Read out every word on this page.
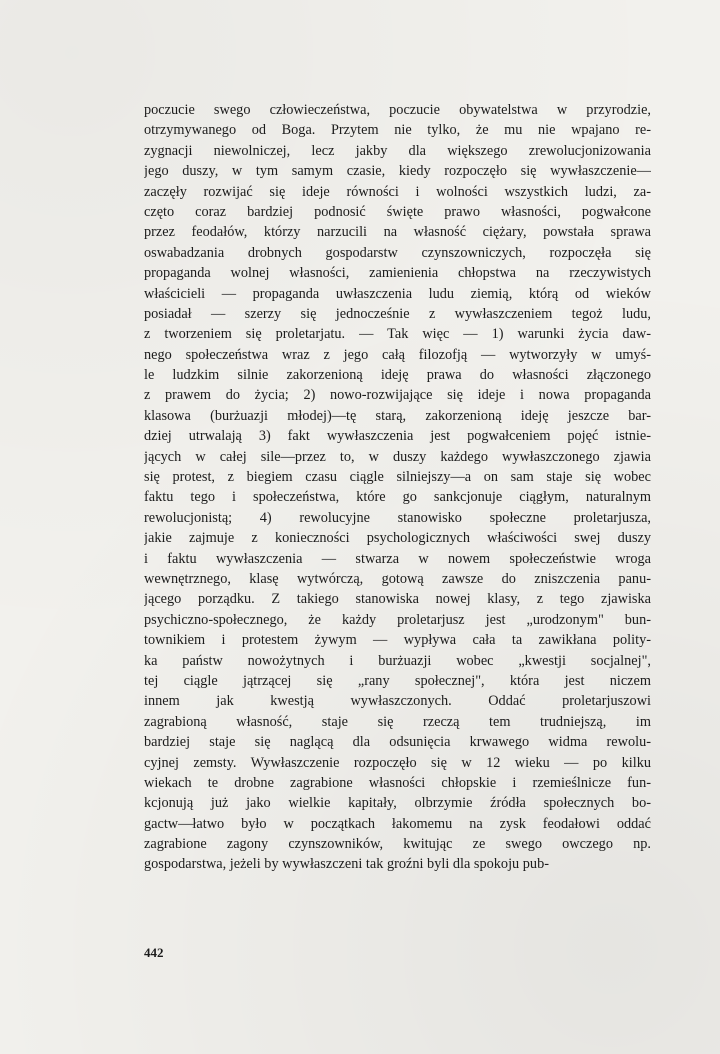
poczucie swego człowieczeństwa, poczucie obywatelstwa w przyrodzie,
otrzymywanego od Boga. Przytem nie tylko, że mu nie wpajano re-
zygnacji niewolniczej, lecz jakby dla większego zrewolucjonizowania
jego duszy, w tym samym czasie, kiedy rozpoczęło się wywłaszczenie—
zaczęły rozwijać się ideje równości i wolności wszystkich ludzi, za-
częto coraz bardziej podnosić święte prawo własności, pogwałcone
przez feodałów, którzy narzucili na własność ciężary, powstała sprawa
oswabadzania drobnych gospodarstw czynszowniczych, rozpoczęła się
propaganda wolnej własności, zamienienia chłopstwa na rzeczywistych
właścicieli — propaganda uwłaszczenia ludu ziemią, którą od wieków
posiadał — szerzy się jednocześnie z wywłaszczeniem tegoż ludu,
z tworzeniem się proletarjatu. — Tak więc — 1) warunki życia daw-
nego społeczeństwa wraz z jego całą filozofją — wytworzyły w umyś-
le ludzkim silnie zakorzenioną ideję prawa do własności złączonego
z prawem do życia; 2) nowo-rozwijające się ideje i nowa propaganda
klasowa (burżuazji młodej)—tę starą, zakorzenioną ideję jeszcze bar-
dziej utrwalają 3) fakt wywłaszczenia jest pogwałceniem pojęć istnie-
jących w całej sile—przez to, w duszy każdego wywłaszczonego zjawia
się protest, z biegiem czasu ciągle silniejszy—a on sam staje się wobec
faktu tego i społeczeństwa, które go sankcjonuje ciągłym, naturalnym
rewolucjonistą; 4) rewolucyjne stanowisko społeczne proletarjusza,
jakie zajmuje z konieczności psychologicznych właściwości swej duszy
i faktu wywłaszczenia — stwarza w nowem społeczeństwie wroga
wewnętrznego, klasę wytwórczą, gotową zawsze do zniszczenia panu-
jącego porządku. Z takiego stanowiska nowej klasy, z tego zjawiska
psychiczno-społecznego, że każdy proletarjusz jest „urodzonym" bun-
townikiem i protestem żywym — wypływa cała ta zawikłana polity-
ka państw nowożytnych i burżuazji wobec „kwestji socjalnej",
tej ciągle jątrzącej się „rany społecznej", która jest niczem
innem jak kwestją wywłaszczonych. Oddać proletarjuszowi
zagrabioną własność, staje się rzeczą tem trudniejszą, im
bardziej staje się naglącą dla odsunięcia krwawego widma rewolu-
cyjnej zemsty. Wywłaszczenie rozpoczęło się w 12 wieku — po kilku
wiekach te drobne zagrabione własności chłopskie i rzemieślnicze fun-
kcjonują już jako wielkie kapitały, olbrzymie źródła społecznych bo-
gactw—łatwo było w początkach łakomemu na zysk feodałowi oddać
zagrabione zagony czynszowników, kwitując ze swego owczego np.
gospodarstwa, jeżeli by wywłaszczeni tak groźni byli dla spokoju pub-
442
